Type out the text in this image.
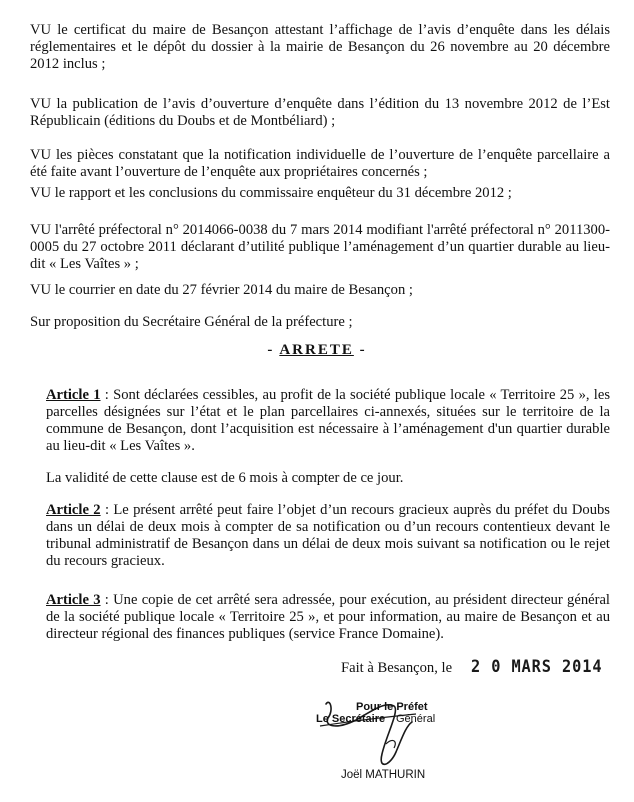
VU le certificat du maire de Besançon attestant l’affichage de l’avis d’enquête dans les délais réglementaires et le dépôt du dossier à la mairie de Besançon du 26 novembre au 20 décembre 2012 inclus ;

VU la publication de l’avis d’ouverture d’enquête dans l’édition du 13 novembre 2012 de l’Est Républicain (éditions du Doubs et de Montbéliard) ;

VU les pièces constatant que la notification individuelle de l’ouverture de l’enquête parcellaire a été faite avant l’ouverture de l’enquête aux propriétaires concernés ;

VU le rapport et les conclusions du commissaire enquêteur du 31 décembre 2012 ;

VU l'arrêté préfectoral n° 2014066-0038 du 7 mars 2014 modifiant l'arrêté préfectoral n° 2011300-0005 du 27 octobre 2011 déclarant d’utilité publique l’aménagement d’un quartier durable au lieu-dit « Les Vaîtes » ;

VU le courrier en date du 27 février 2014 du maire de Besançon ;

Sur proposition du Secrétaire Général de la préfecture ;

- ARRETE -

Article 1 : Sont déclarées cessibles, au profit de la société publique locale « Territoire 25 », les parcelles désignées sur l’état et le plan parcellaires ci-annexés, situées sur le territoire de la commune de Besançon, dont l’acquisition est nécessaire à l’aménagement d'un quartier durable au lieu-dit « Les Vaîtes ».

La validité de cette clause est de 6 mois à compter de ce jour.

Article 2 : Le présent arrêté peut faire l’objet d’un recours gracieux auprès du préfet du Doubs dans un délai de deux mois à compter de sa notification ou d’un recours contentieux devant le tribunal administratif de Besançon dans un délai de deux mois suivant sa notification ou le rejet du recours gracieux.

Article 3 : Une copie de cet arrêté sera adressée, pour exécution, au président directeur général de la société publique locale « Territoire 25 », et pour information, au maire de Besançon et au directeur régional des finances publiques (service France Domaine).

Fait à Besançon, le 2 0 MARS 2014
Pour le Préfet
Le Secrétaire Général
Joël MATHURIN
